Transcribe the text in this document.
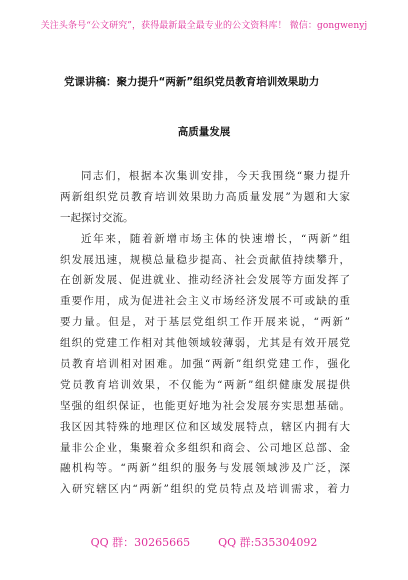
关注头条号“公文研究”，获得最新最全最专业的公文资料库！ 微信：gongwenyj
党课讲稿：聚力提升“两新”组织党员教育培训效果助力
高质量发展
同志们，根据本次集训安排，今天我围绕“聚力提升
两新组织党员教育培训效果助力高质量发展”为题和大家
一起探讨交流。
近年来，随着新增市场主体的快速增长，“两新”组
织发展迅速，规模总量稳步提高、社会贡献值持续攀升，
在创新发展、促进就业、推动经济社会发展等方面发挥了
重要作用，成为促进社会主义市场经济发展不可或缺的重
要力量。但是，对于基层党组织工作开展来说，“两新”
组织的党建工作相对其他领域较薄弱，尤其是有效开展党
员教育培训相对困难。加强“两新”组织党建工作，强化
党员教育培训效果，不仅能为“两新”组织健康发展提供
坚强的组织保证，也能更好地为社会发展夯实思想基础。
我区因其特殊的地理区位和区域发展特点，辖区内拥有大
量非公企业，集聚着众多组织和商会、公司地区总部、金
融机构等。“两新”组织的服务与发展领域涉及广泛，深
入研究辖区内“两新”组织的党员特点及培训需求，着力
QQ 群：30265665	QQ 群:535304092
